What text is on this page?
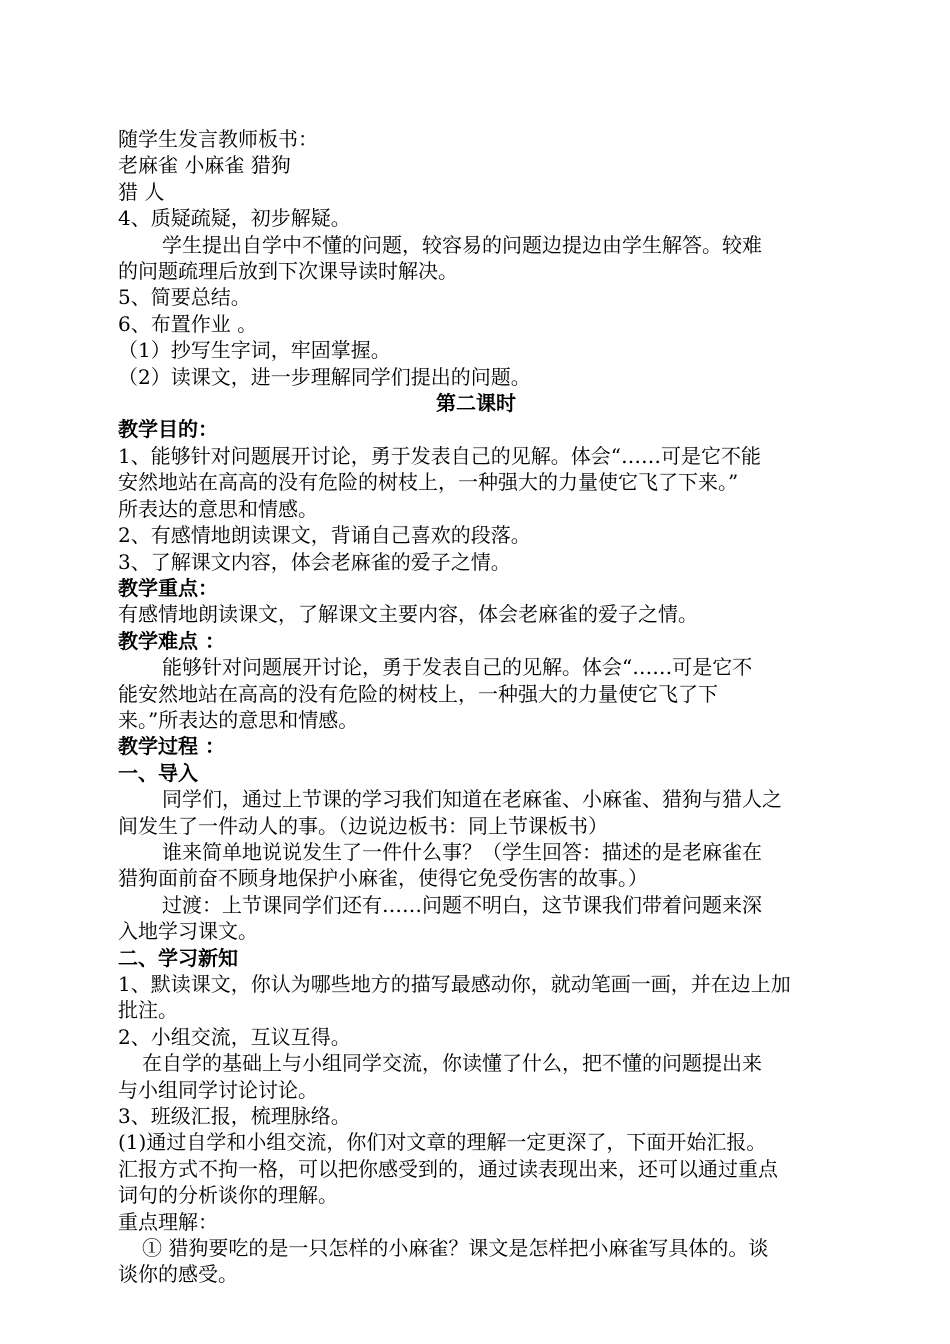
随学生发言教师板书：
老麻雀 小麻雀 猎狗
猎 人
4、质疑疏疑，初步解疑。
学生提出自学中不懂的问题，较容易的问题边提边由学生解答。较难
的问题疏理后放到下次课导读时解决。
5、简要总结。
6、布置作业 。
（1）抄写生字词，牢固掌握。
（2）读课文，进一步理解同学们提出的问题。
第二课时
教学目的：
1、能够针对问题展开讨论，勇于发表自己的见解。体会“……可是它不能
安然地站在高高的没有危险的树枝上，一种强大的力量使它飞了下来。”
所表达的意思和情感。
2、有感情地朗读课文，背诵自己喜欢的段落。
3、了解课文内容，体会老麻雀的爱子之情。
教学重点：
有感情地朗读课文，了解课文主要内容，体会老麻雀的爱子之情。
教学难点 ：
能够针对问题展开讨论，勇于发表自己的见解。体会“……可是它不
能安然地站在高高的没有危险的树枝上，一种强大的力量使它飞了下
来。”所表达的意思和情感。
教学过程 ：
一、导入
同学们，通过上节课的学习我们知道在老麻雀、小麻雀、猎狗与猎人之
间发生了一件动人的事。（边说边板书：同上节课板书）
谁来简单地说说发生了一件什么事？（学生回答：描述的是老麻雀在
猎狗面前奋不顾身地保护小麻雀，使得它免受伤害的故事。）
过渡：上节课同学们还有……问题不明白，这节课我们带着问题来深
入地学习课文。
二、学习新知
1、默读课文，你认为哪些地方的描写最感动你，就动笔画一画，并在边上加
批注。
2、小组交流，互议互得。
在自学的基础上与小组同学交流，你读懂了什么，把不懂的问题提出来
与小组同学讨论讨论。
3、班级汇报，梳理脉络。
(1)通过自学和小组交流，你们对文章的理解一定更深了，下面开始汇报。
汇报方式不拘一格，可以把你感受到的，通过读表现出来，还可以通过重点
词句的分析谈你的理解。
重点理解：
① 猎狗要吃的是一只怎样的小麻雀？课文是怎样把小麻雀写具体的。谈
谈你的感受。
